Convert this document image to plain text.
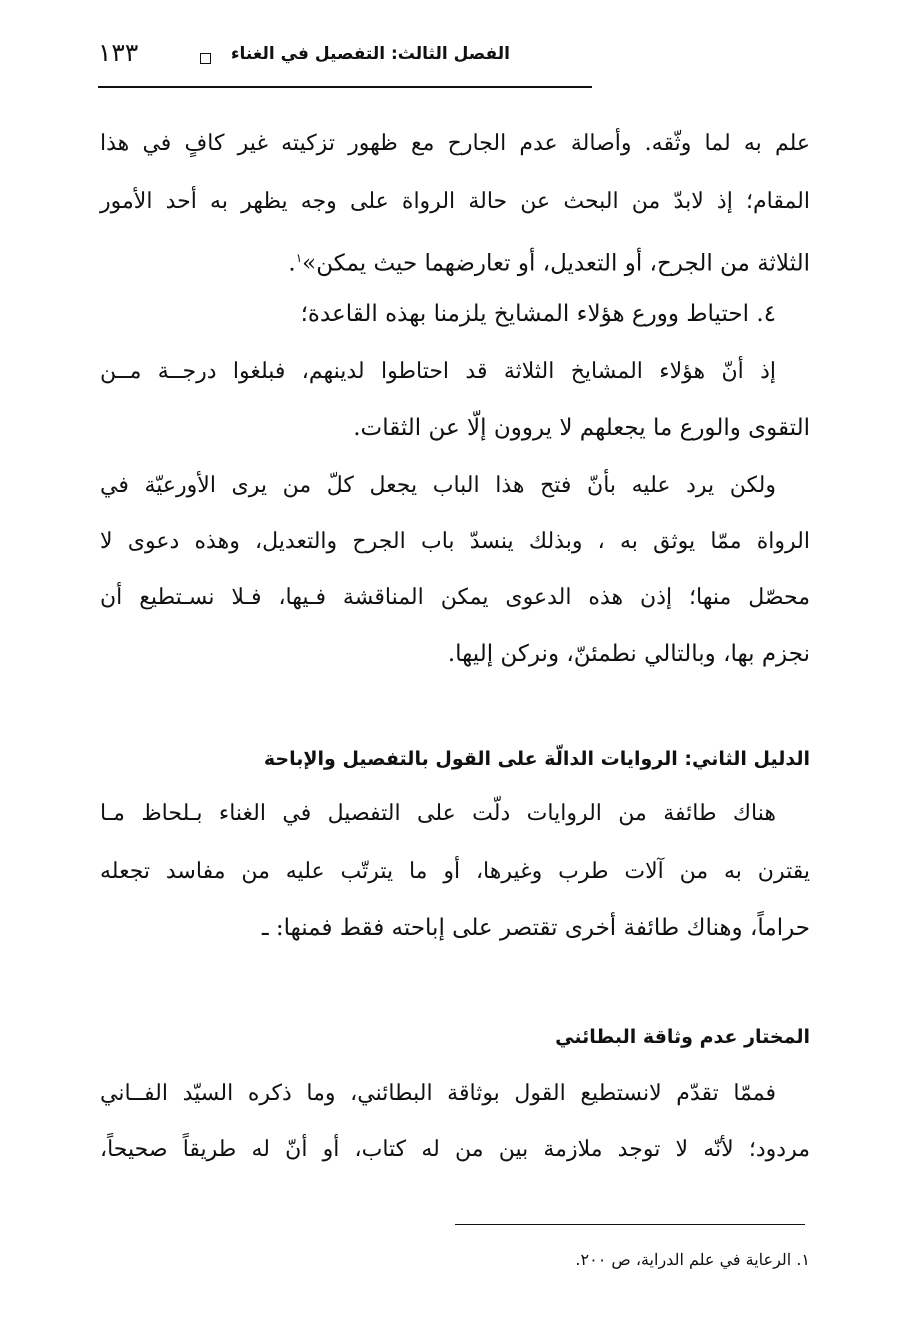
الفصل الثالث: التفصيل في الغناء
١٣٣
علم به لما وثّقه. وأصالة عدم الجارح مع ظهور تزكيته غير كافٍ في هذا
المقام؛ إذ لابدّ من البحث عن حالة الرواة على وجه يظهر به أحد الأمور
الثلاثة من الجرح، أو التعديل، أو تعارضهما حيث يمكن»$^١$.
٤. احتياط وورع هؤلاء المشايخ يلزمنا بهذه القاعدة؛
إذ أنّ هؤلاء المشايخ الثلاثة قد احتاطوا لدينهم، فبلغوا درجــة مــن
التقوى والورع ما يجعلهم لا يروون إلّا عن الثقات.
ولكن يرد عليه بأنّ فتح هذا الباب يجعل كلّ من يرى الأورعيّة في
الرواة ممّا يوثق به ، وبذلك ينسدّ باب الجرح والتعديل، وهذه دعوى لا
محصّل منها؛ إذن هذه الدعوى يمكن المناقشة فـيها، فـلا نسـتطيع أن
نجزم بها، وبالتالي نطمئنّ، ونركن إليها.
الدليل الثاني: الروايات الدالّة على القول بالتفصيل والإباحة
هناك طائفة من الروايات دلّت على التفصيل في الغناء بـلحاظ مـا
يقترن به من آلات طرب وغيرها، أو ما يترتّب عليه من مفاسد تجعله
حراماً، وهناك طائفة أخرى تقتصر على إباحته فقط فمنها: ـ
المختار عدم وثاقة البطائني
فممّا تقدّم لانستطيع القول بوثاقة البطائني، وما ذكره السيّد الفــاني
مردود؛ لأنّه لا توجد ملازمة بين من له كتاب، أو أنّ له طريقاً صحيحاً،
١. الرعاية في علم الدراية، ص ٢٠٠.
